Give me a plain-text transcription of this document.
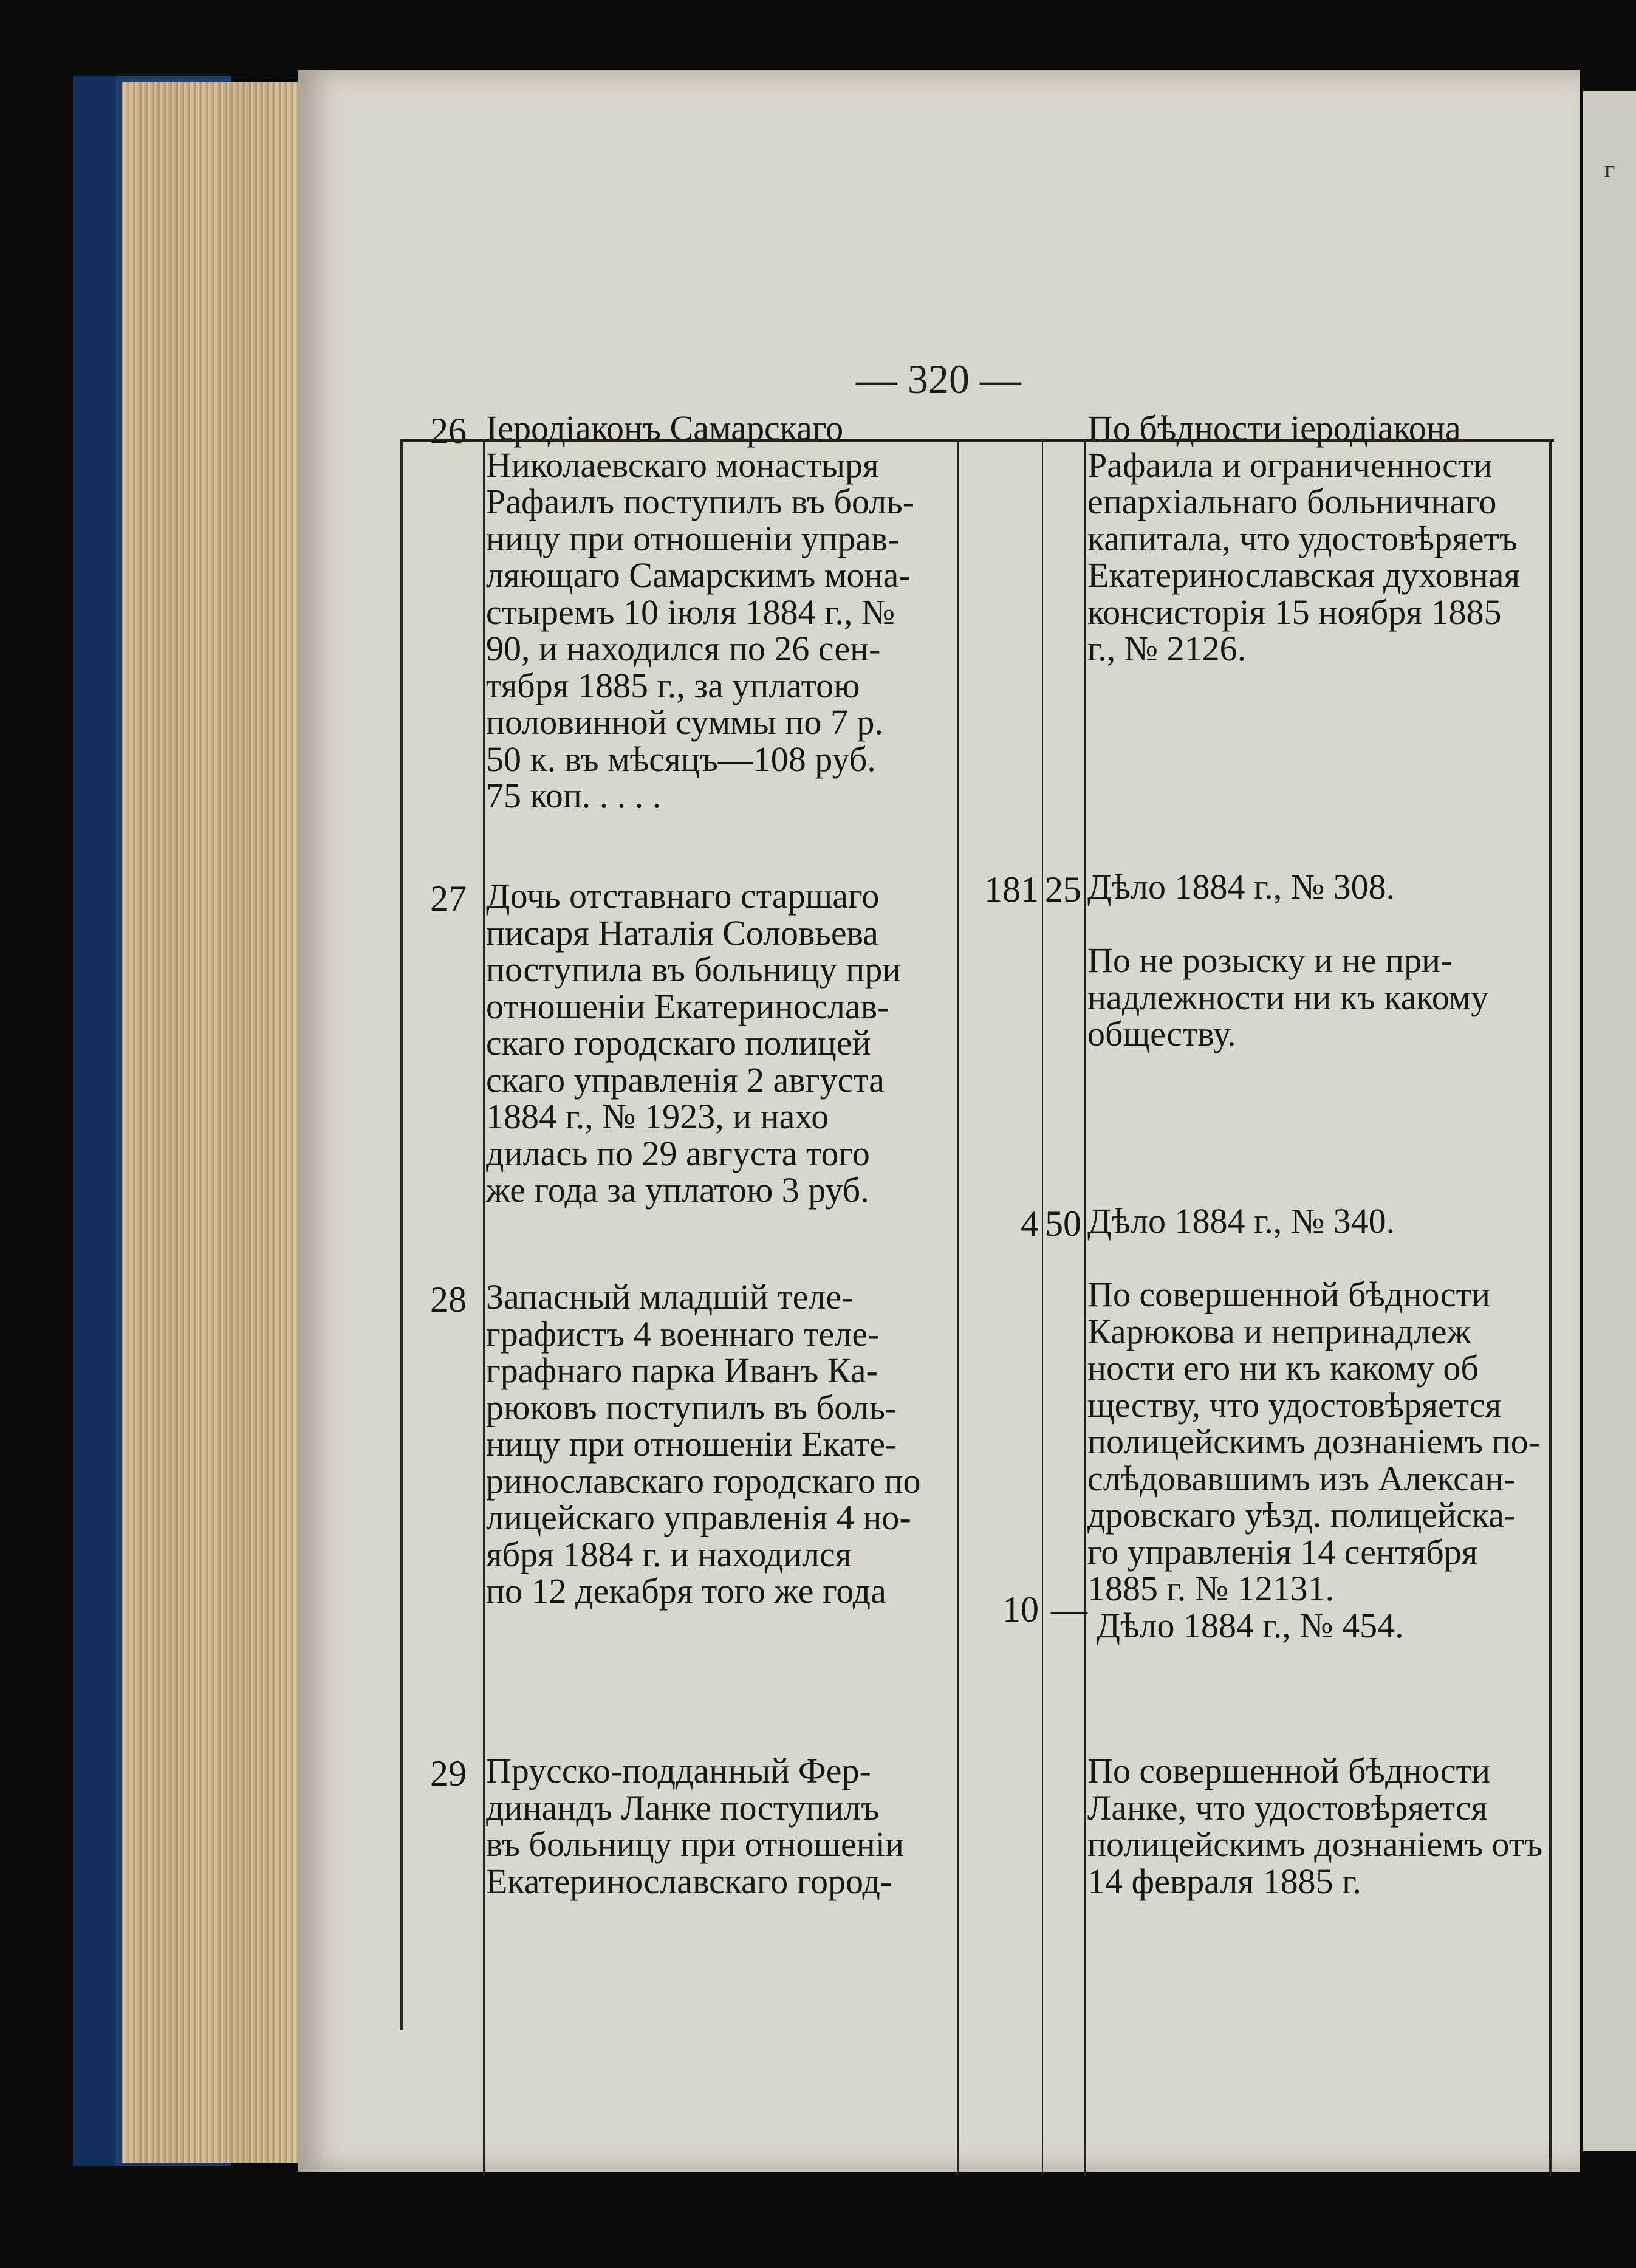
г
— 320 —
26 Іеродіаконъ Самарскаго
Николаевскаго монастыря
Рафаилъ поступилъ въ боль-
ницу при отношеніи управ-
ляющаго Самарскимъ мона-
стыремъ 10 іюля 1884 г., №
90, и находился по 26 сен-
тября 1885 г., за уплатою
половинной суммы по 7 р.
50 к. въ мѣсяцъ—108 руб.
75 коп. . . . .
181 25
По бѣдности іеродіакона
Рафаила и ограниченности
епархіальнаго больничнаго
капитала, что удостовѣряетъ
Екатеринославская духовная
консисторія 15 ноября 1885
г., № 2126.
27 Дочь отставнаго старшаго
писаря Наталія Соловьева
поступила въ больницу при
отношеніи Екатеринослав-
скаго городскаго полицей
скаго управленія 2 августа
1884 г., № 1923, и нахо
дилась по 29 августа того
же года за уплатою 3 руб.
4 50
Дѣло 1884 г., № 308.

По не розыску и не при-
надлежности ни къ какому
обществу.
28 Запасный младшій теле-
графистъ 4 военнаго теле-
графнаго парка Иванъ Ка-
рюковъ поступилъ въ боль-
ницу при отношеніи Екате-
ринославскаго городскаго по
лицейскаго управленія 4 но-
ября 1884 г. и находился
по 12 декабря того же года	10 —
Дѣло 1884 г., № 340.

По совершенной бѣдности
Карюкова и непринадлеж
ности его ни къ какому об
ществу, что удостовѣряется
полицейскимъ дознаніемъ по-
слѣдовавшимъ изъ Алексан-
дровскаго уѣзд. полицейска-
го управленія 14 сентября
1885 г. № 12131.
Дѣло 1884 г., № 454.
29 Прусско-подданный Фер-
динандъ Ланке поступилъ
въ больницу при отношеніи
Екатеринославскаго город-
По совершенной бѣдности
Ланке, что удостовѣряется
полицейскимъ дознаніемъ отъ
14 февраля 1885 г.
